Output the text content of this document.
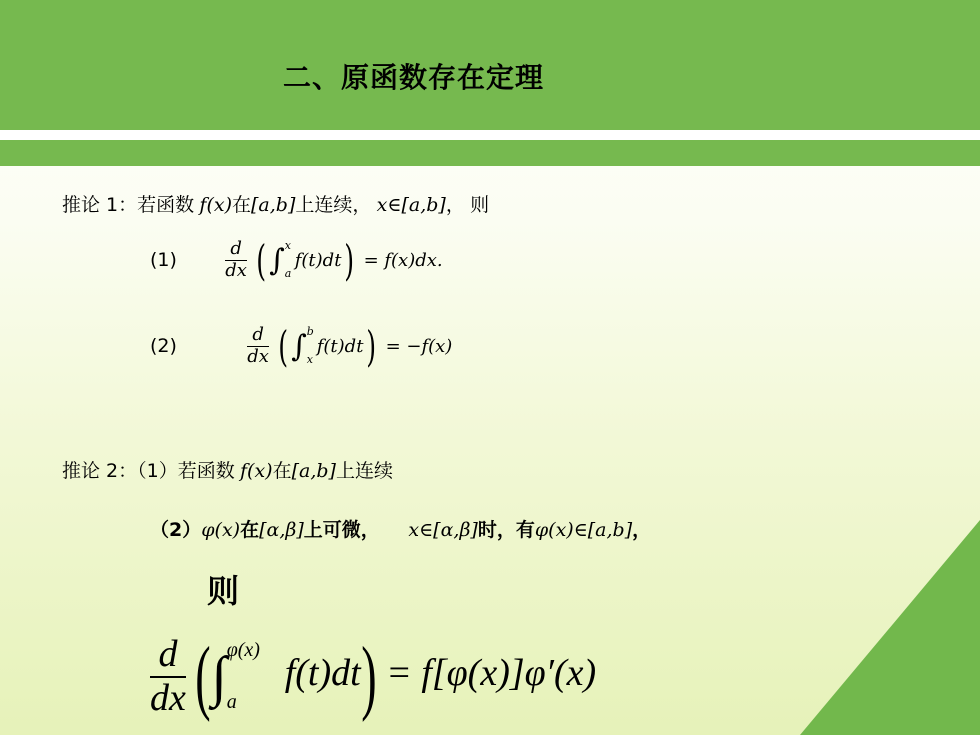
二、原函数存在定理
推论 1：若函数 f(x)在[a,b]上连续， x∈[a,b]， 则
(1)	$\frac{d}{dx}$ ( ∫ x
a
f(t)dt) = f(x)dx.
(2)	$\frac{d}{dx}$ ( ∫ b
x
f(t)dt) = −f(x)
推论 2：（1）若函数 f(x)在[a,b]上连续
（2）φ(x)在[α,β]上可微， x∈[α,β]时，有φ(x)∈[a,b]，
则
$\frac{d}{dx}$ (∫ φ(x)
a
f(t)dt) = f[φ(x)]φ′(x)
